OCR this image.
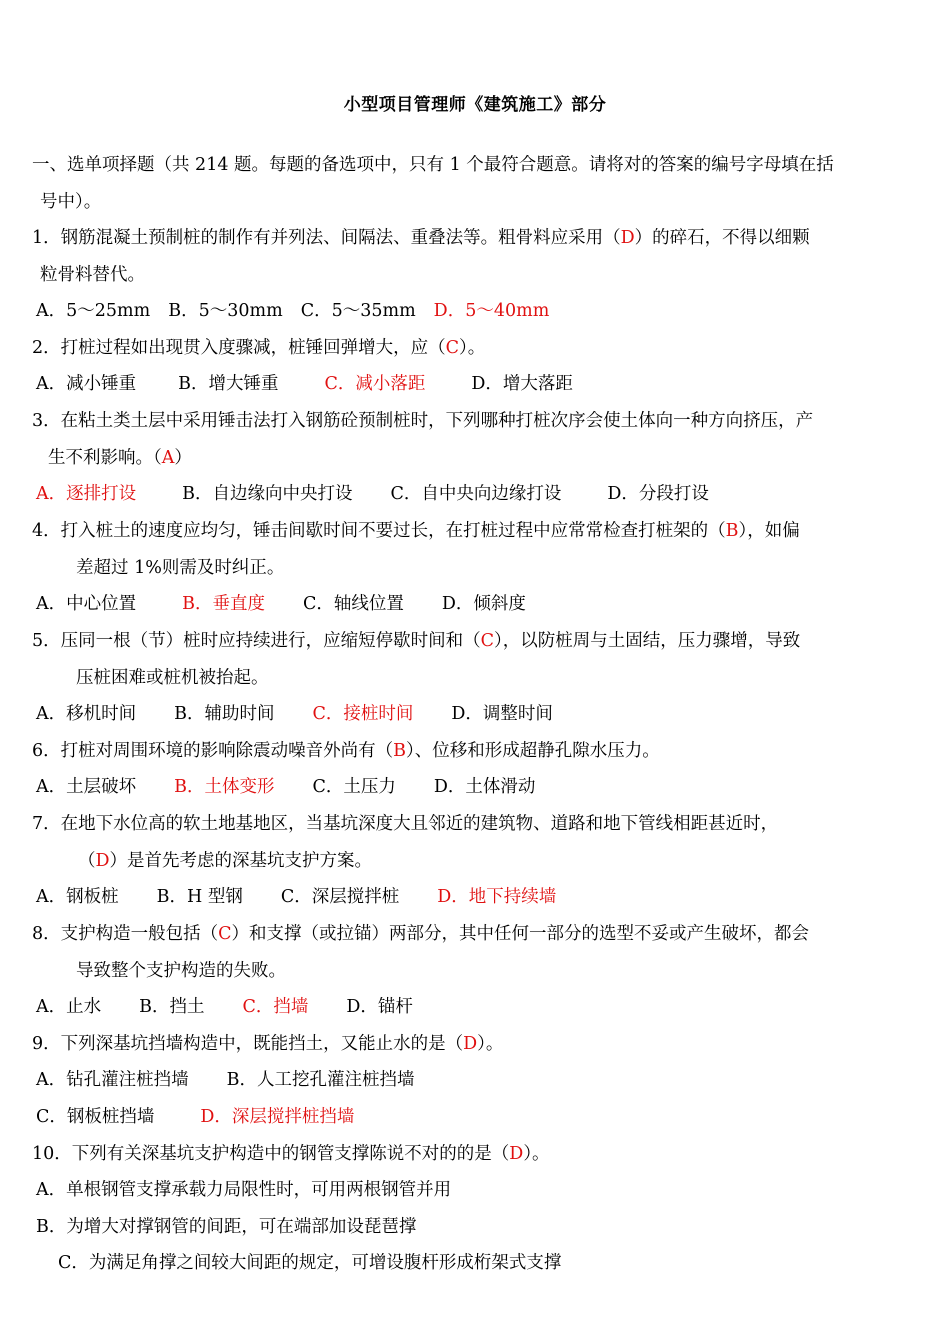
小型项目管理师《建筑施工》部分
一、选单项择题（共 214 题。每题的备选项中，只有 1 个最符合题意。请将对的答案的编号字母填在括
号中）。
1．钢筋混凝土预制桩的制作有并列法、间隔法、重叠法等。粗骨料应采用（D）的碎石，不得以细颗
粒骨料替代。
A．5～25mm B．5～30mm C．5～35mm D．5～40mm
2．打桩过程如出现贯入度骤减，桩锤回弹增大，应（C）。
A．减小锤重 B．增大锤重	C．减小落距	D．增大落距
3．在粘土类土层中采用锤击法打入钢筋砼预制桩时，下列哪种打桩次序会使土体向一种方向挤压，产
生不利影响。（A）
A．逐排打设	B．自边缘向中央打设 C．自中央向边缘打设	D．分段打设
4．打入桩土的速度应均匀，锤击间歇时间不要过长，在打桩过程中应常常检查打桩架的（B），如偏
差超过 1%则需及时纠正。
A．中心位置	B．垂直度 C．轴线位置 D．倾斜度
5．压同一根（节）桩时应持续进行，应缩短停歇时间和（C），以防桩周与土固结，压力骤增，导致
压桩困难或桩机被抬起。
A．移机时间 B．辅助时间 C．接桩时间 D．调整时间
6．打桩对周围环境的影响除震动噪音外尚有（B）、位移和形成超静孔隙水压力。
A．土层破坏 B．土体变形 C．土压力 D．土体滑动
7．在地下水位高的软土地基地区，当基坑深度大且邻近的建筑物、道路和地下管线相距甚近时，
（D）是首先考虑的深基坑支护方案。
A．钢板桩 B．H 型钢 C．深层搅拌桩 D．地下持续墙
8．支护构造一般包括（C）和支撑（或拉锚）两部分，其中任何一部分的选型不妥或产生破坏，都会
导致整个支护构造的失败。
A．止水 B．挡土 C．挡墙 D．锚杆
9．下列深基坑挡墙构造中，既能挡土，又能止水的是（D）。
A．钻孔灌注桩挡墙 B．人工挖孔灌注桩挡墙
C．钢板桩挡墙	D．深层搅拌桩挡墙
10．下列有关深基坑支护构造中的钢管支撑陈说不对的的是（D）。
A．单根钢管支撑承载力局限性时，可用两根钢管并用
B．为增大对撑钢管的间距，可在端部加设琵琶撑
C．为满足角撑之间较大间距的规定，可增设腹杆形成桁架式支撑
